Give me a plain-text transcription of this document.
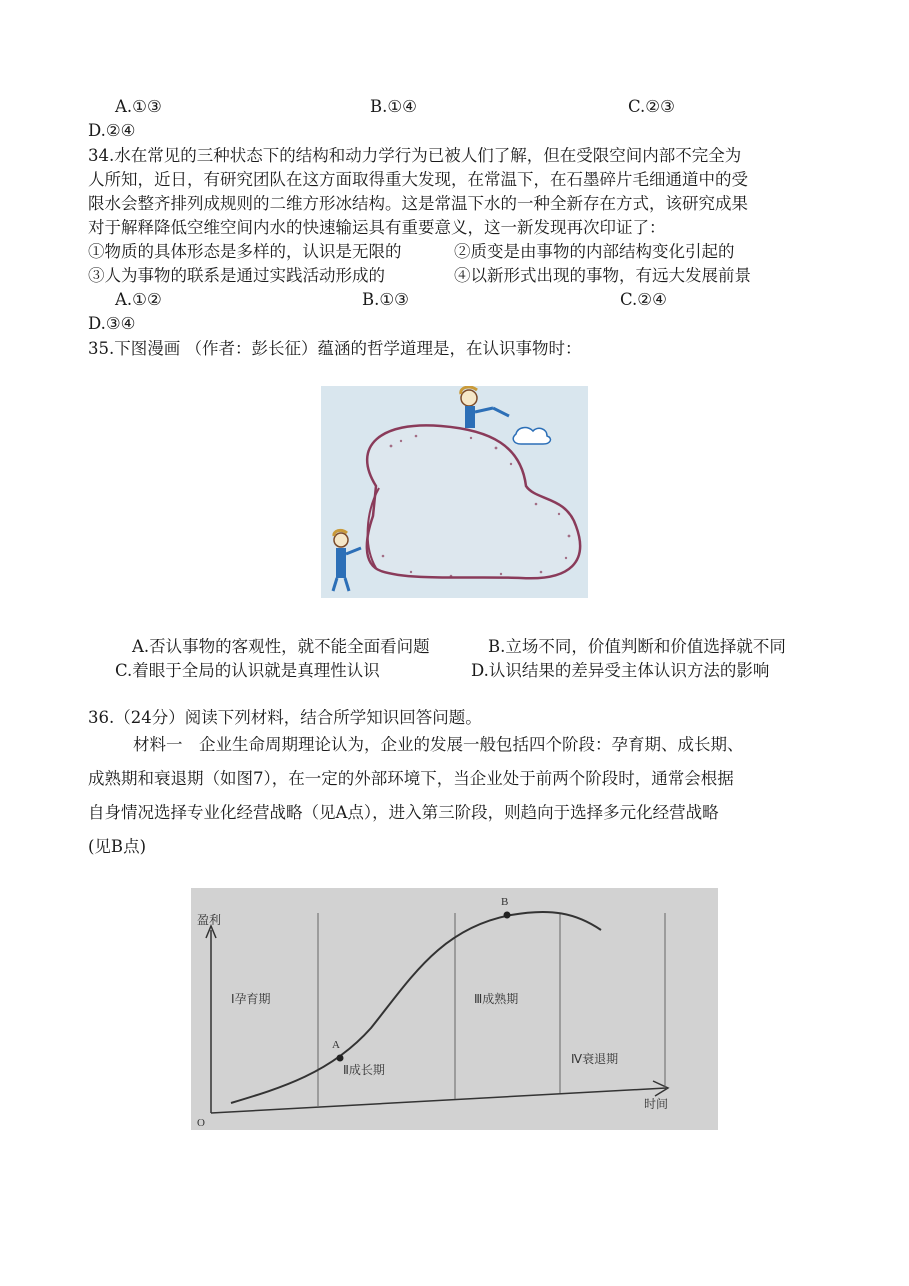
A.①③	B.①④	C.②③
D.②④
34.水在常见的三种状态下的结构和动力学行为已被人们了解，但在受限空间内部不完全为
人所知，近日，有研究团队在这方面取得重大发现，在常温下，在石墨碎片毛细通道中的受
限水会整齐排列成规则的二维方形冰结构。这是常温下水的一种全新存在方式，该研究成果
对于解释降低空维空间内水的快速输运具有重要意义，这一新发现再次印证了：
①物质的具体形态是多样的，认识是无限的	②质变是由事物的内部结构变化引起的
③人为事物的联系是通过实践活动形成的	④以新形式出现的事物，有远大发展前景
A.①②	B.①③	C.②④
D.③④
35.下图漫画 （作者：彭长征）蕴涵的哲学道理是，在认识事物时：
A.否认事物的客观性，就不能全面看问题	B.立场不同，价值判断和价值选择就不同
C.着眼于全局的认识就是真理性认识	D.认识结果的差异受主体认识方法的影响
36.（24分）阅读下列材料，结合所学知识回答问题。
材料一　企业生命周期理论认为，企业的发展一般包括四个阶段：孕育期、成长期、
成熟期和衰退期（如图7），在一定的外部环境下，当企业处于前两个阶段时，通常会根据
自身情况选择专业化经营战略（见A点），进入第三阶段，则趋向于选择多元化经营战略
(见B点)
A
B
盈利
时间
O
Ⅰ孕育期
Ⅱ成长期
Ⅲ成熟期
Ⅳ衰退期
